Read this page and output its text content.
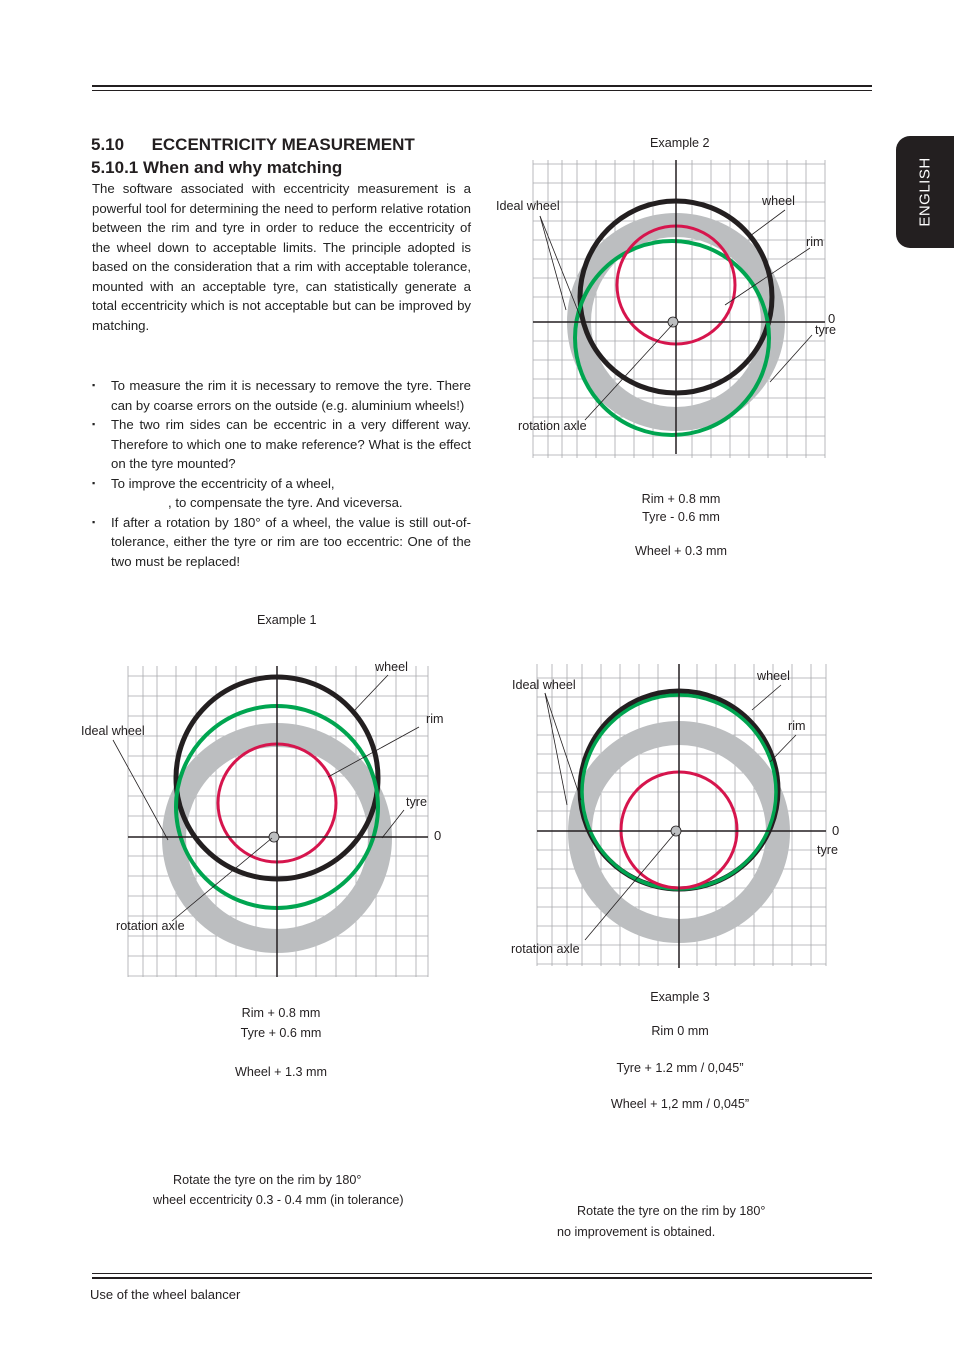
ENGLISH
5.10 ECCENTRICITY MEASUREMENT
5.10.1 When and why matching
The software associated with eccentricity measurement is a powerful tool for determining the need to perform relative rotation between the rim and tyre in order to reduce the eccentricity of the wheel down to acceptable limits. The principle adopted is based on the consideration that a rim with acceptable tolerance, mounted with an acceptable tyre, can statistically generate a total eccentricity which is not acceptable but can be improved by matching.
▪ To measure the rim it is necessary to remove the tyre. There can by coarse errors on the outside (e.g. aluminium wheels!)
▪ The two rim sides can be eccentric in a very different way. Therefore to which one to make reference? What is the effect on the tyre mounted?
▪ To improve the eccentricity of a wheel,
, to compensate the tyre. And viceversa.
▪ If after a rotation by 180° of a wheel, the value is still out-of-tolerance, either the tyre or rim are too eccentric: One of the two must be replaced!
Example 2
Ideal wheel	wheel
rim
0
tyre
rotation axle
Rim + 0.8 mm
Tyre - 0.6 mm
Wheel + 0.3 mm
Example 1
wheel
rim
Ideal wheel
tyre
0
rotation axle
Rim + 0.8 mm
Tyre + 0.6 mm
Wheel + 1.3 mm
Rotate the tyre on the rim by 180°
wheel eccentricity 0.3 - 0.4 mm (in tolerance)
Ideal wheel
wheel
rim
0
tyre
rotation axle
Example 3
Rim 0 mm
Tyre + 1.2 mm / 0,045”
Wheel + 1,2 mm / 0,045”
Rotate the tyre on the rim by 180°
no improvement is obtained.
Use of the wheel balancer
